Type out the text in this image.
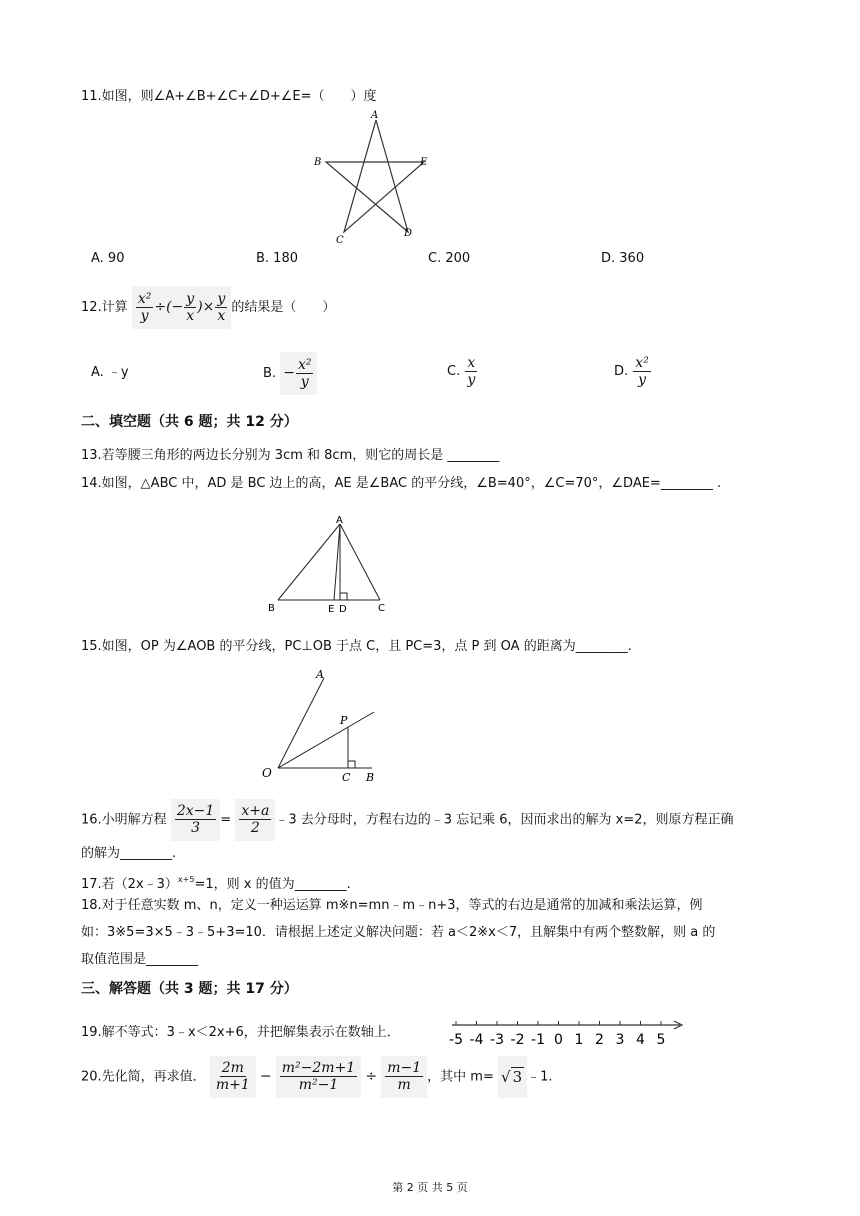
11.如图，则∠A+∠B+∠C+∠D+∠E=（　　）度
A
B	E
C
D
A. 90	B. 180	C. 200	D. 360
12.计算 $\frac{\text{x²}}{y}$ ÷(− $\frac{y}{x}$ )× $\frac{y}{x}$ 的结果是（　　）
A. ﹣y	B. − $\frac{\text{x²}}{y}$	C. $\frac{x}{y}$	D. $\frac{\text{x²}}{y}$
二、填空题（共 6 题；共 12 分）
13.若等腰三角形的两边长分别为 3cm 和 8cm，则它的周长是 ________
14.如图，△ABC 中，AD 是 BC 边上的高，AE 是∠BAC 的平分线，∠B=40°，∠C=70°，∠DAE=________ .
A
B	E D	C
15.如图，OP 为∠AOB 的平分线，PC⊥OB 于点 C，且 PC=3，点 P 到 OA 的距离为________.
A
P
O	C B
16.小明解方程 $\frac{2x-1}{3} = \frac{x+a}{2}$ ﹣3 去分母时，方程右边的﹣3 忘记乘 6，因而求出的解为 x=2，则原方程正确
的解为________.
17.若（2x﹣3）$^{x+5}$=1，则 x 的值为________.
18.对于任意实数 m、n，定义一种运运算 m※n=mn﹣m﹣n+3，等式的右边是通常的加减和乘法运算，例
如：3※5=3×5﹣3﹣5+3=10．请根据上述定义解决问题：若 a＜2※x＜7，且解集中有两个整数解，则 a 的
取值范围是________
三、解答题（共 3 题；共 17 分）
19.解不等式：3﹣x＜2x+6，并把解集表示在数轴上．	-5 -4 -3 -2 -1 0 1 2 3 4 5
20.先化简，再求值． $\frac{2m}{m+1} - \frac{\text{m²−2m+1}}{\text{m²−1}} \div \frac{m-1}{m}$ ，其中 m= √ 3 ﹣1.
第 2 页 共 5 页
